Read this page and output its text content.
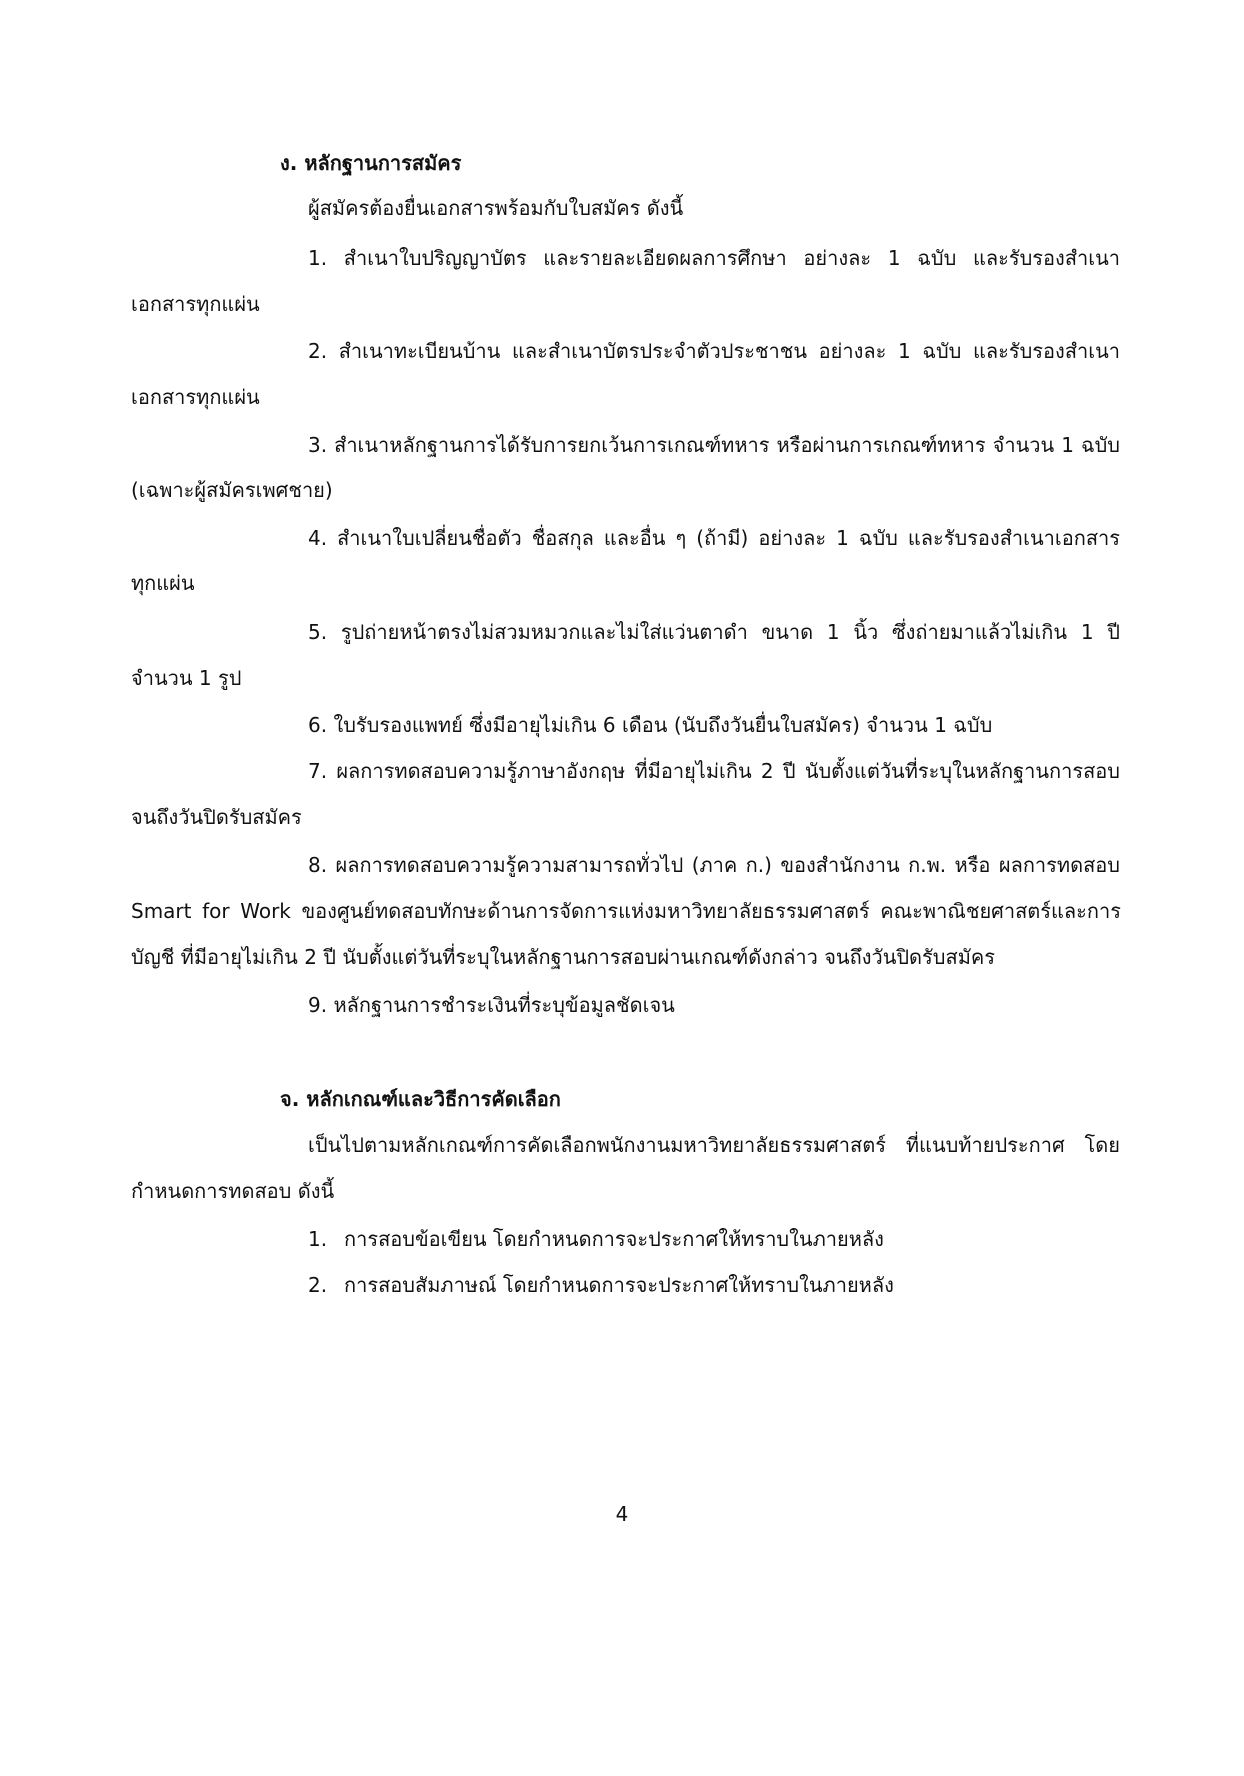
ง. หลักฐานการสมัคร
ผู้สมัครต้องยื่นเอกสารพร้อมกับใบสมัคร ดังนี้
1. สำเนาใบปริญญาบัตร และรายละเอียดผลการศึกษา อย่างละ 1 ฉบับ และรับรองสำเนา
เอกสารทุกแผ่น
2. สำเนาทะเบียนบ้าน และสำเนาบัตรประจำตัวประชาชน อย่างละ 1 ฉบับ และรับรองสำเนา
เอกสารทุกแผ่น
3. สำเนาหลักฐานการได้รับการยกเว้นการเกณฑ์ทหาร หรือผ่านการเกณฑ์ทหาร จำนวน 1 ฉบับ
(เฉพาะผู้สมัครเพศชาย)
4. สำเนาใบเปลี่ยนชื่อตัว ชื่อสกุล และอื่น ๆ (ถ้ามี) อย่างละ 1 ฉบับ และรับรองสำเนาเอกสาร
ทุกแผ่น
5. รูปถ่ายหน้าตรงไม่สวมหมวกและไม่ใส่แว่นตาดำ ขนาด 1 นิ้ว ซึ่งถ่ายมาแล้วไม่เกิน 1 ปี
จำนวน 1 รูป
6. ใบรับรองแพทย์ ซึ่งมีอายุไม่เกิน 6 เดือน (นับถึงวันยื่นใบสมัคร) จำนวน 1 ฉบับ
7. ผลการทดสอบความรู้ภาษาอังกฤษ ที่มีอายุไม่เกิน 2 ปี นับตั้งแต่วันที่ระบุในหลักฐานการสอบ
จนถึงวันปิดรับสมัคร
8. ผลการทดสอบความรู้ความสามารถทั่วไป (ภาค ก.) ของสำนักงาน ก.พ. หรือ ผลการทดสอบ
Smart for Work ของศูนย์ทดสอบทักษะด้านการจัดการแห่งมหาวิทยาลัยธรรมศาสตร์ คณะพาณิชยศาสตร์และการ
บัญชี ที่มีอายุไม่เกิน 2 ปี นับตั้งแต่วันที่ระบุในหลักฐานการสอบผ่านเกณฑ์ดังกล่าว จนถึงวันปิดรับสมัคร
9. หลักฐานการชำระเงินที่ระบุข้อมูลชัดเจน
จ. หลักเกณฑ์และวิธีการคัดเลือก
เป็นไปตามหลักเกณฑ์การคัดเลือกพนักงานมหาวิทยาลัยธรรมศาสตร์ ที่แนบท้ายประกาศ โดย
กำหนดการทดสอบ ดังนี้
1. การสอบข้อเขียน โดยกำหนดการจะประกาศให้ทราบในภายหลัง
2. การสอบสัมภาษณ์ โดยกำหนดการจะประกาศให้ทราบในภายหลัง
4
